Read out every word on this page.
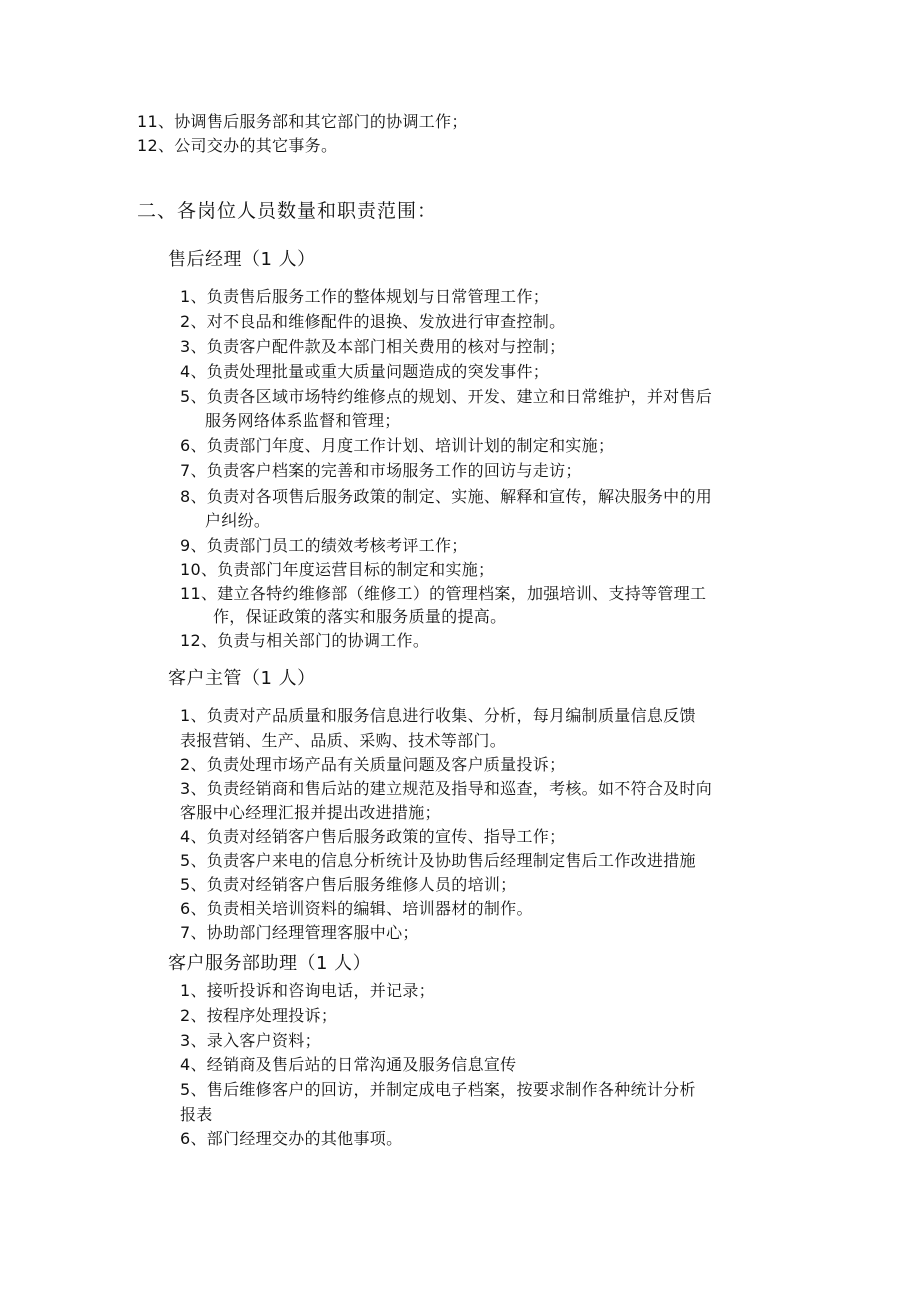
11、协调售后服务部和其它部门的协调工作；
12、公司交办的其它事务。
二、各岗位人员数量和职责范围：
售后经理（1 人）
1、负责售后服务工作的整体规划与日常管理工作；
2、对不良品和维修配件的退换、发放进行审查控制。
3、负责客户配件款及本部门相关费用的核对与控制；
4、负责处理批量或重大质量问题造成的突发事件；
5、负责各区域市场特约维修点的规划、开发、建立和日常维护，并对售后
服务网络体系监督和管理；
6、负责部门年度、月度工作计划、培训计划的制定和实施；
7、负责客户档案的完善和市场服务工作的回访与走访；
8、负责对各项售后服务政策的制定、实施、解释和宣传，解决服务中的用
户纠纷。
9、负责部门员工的绩效考核考评工作；
10、负责部门年度运营目标的制定和实施；
11、建立各特约维修部（维修工）的管理档案，加强培训、支持等管理工
作，保证政策的落实和服务质量的提高。
12、负责与相关部门的协调工作。
客户主管（1 人）
1、负责对产品质量和服务信息进行收集、分析，每月编制质量信息反馈
表报营销、生产、品质、采购、技术等部门。
2、负责处理市场产品有关质量问题及客户质量投诉；
3、负责经销商和售后站的建立规范及指导和巡查，考核。如不符合及时向
客服中心经理汇报并提出改进措施；
4、负责对经销客户售后服务政策的宣传、指导工作；
5、负责客户来电的信息分析统计及协助售后经理制定售后工作改进措施
5、负责对经销客户售后服务维修人员的培训；
6、负责相关培训资料的编辑、培训器材的制作。
7、协助部门经理管理客服中心；
客户服务部助理（1 人）
1、接听投诉和咨询电话，并记录；
2、按程序处理投诉；
3、录入客户资料；
4、经销商及售后站的日常沟通及服务信息宣传
5、售后维修客户的回访，并制定成电子档案，按要求制作各种统计分析
报表
6、部门经理交办的其他事项。
